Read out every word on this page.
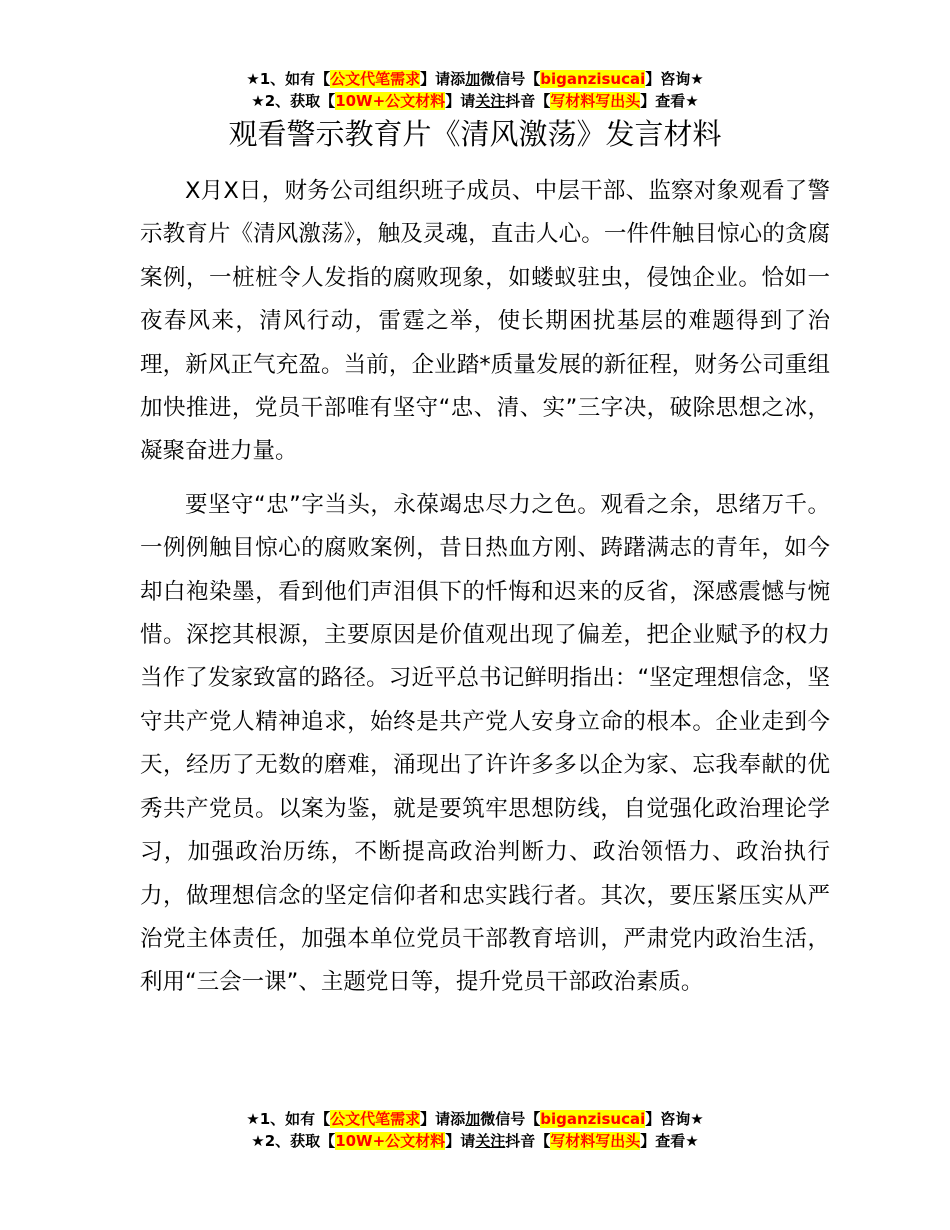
★1、如有【公文代笔需求】请添加微信号【biganzisucai】咨询★
★2、获取【10W+公文材料】请关注抖音【写材料写出头】查看★
观看警示教育片《清风激荡》发言材料

X月X日，财务公司组织班子成员、中层干部、监察对象观看了警示教育片《清风激荡》，触及灵魂，直击人心。一件件触目惊心的贪腐案例，一桩桩令人发指的腐败现象，如蝼蚁驻虫，侵蚀企业。恰如一夜春风来，清风行动，雷霆之举，使长期困扰基层的难题得到了治理，新风正气充盈。当前，企业踏*质量发展的新征程，财务公司重组加快推进，党员干部唯有坚守“忠、清、实”三字决，破除思想之冰，凝聚奋进力量。

要坚守“忠”字当头，永葆竭忠尽力之色。观看之余，思绪万千。一例例触目惊心的腐败案例，昔日热血方刚、踌躇满志的青年，如今却白袍染墨，看到他们声泪俱下的忏悔和迟来的反省，深感震憾与惋惜。深挖其根源，主要原因是价值观出现了偏差，把企业赋予的权力当作了发家致富的路径。习近平总书记鲜明指出：“坚定理想信念，坚守共产党人精神追求，始终是共产党人安身立命的根本。企业走到今天，经历了无数的磨难，涌现出了许许多多以企为家、忘我奉献的优秀共产党员。以案为鉴，就是要筑牢思想防线，自觉强化政治理论学习，加强政治历练，不断提高政治判断力、政治领悟力、政治执行力，做理想信念的坚定信仰者和忠实践行者。其次，要压紧压实从严治党主体责任，加强本单位党员干部教育培训，严肃党内政治生活，利用“三会一课”、主题党日等，提升党员干部政治素质。

★1、如有【公文代笔需求】请添加微信号【biganzisucai】咨询★
★2、获取【10W+公文材料】请关注抖音【写材料写出头】查看★
